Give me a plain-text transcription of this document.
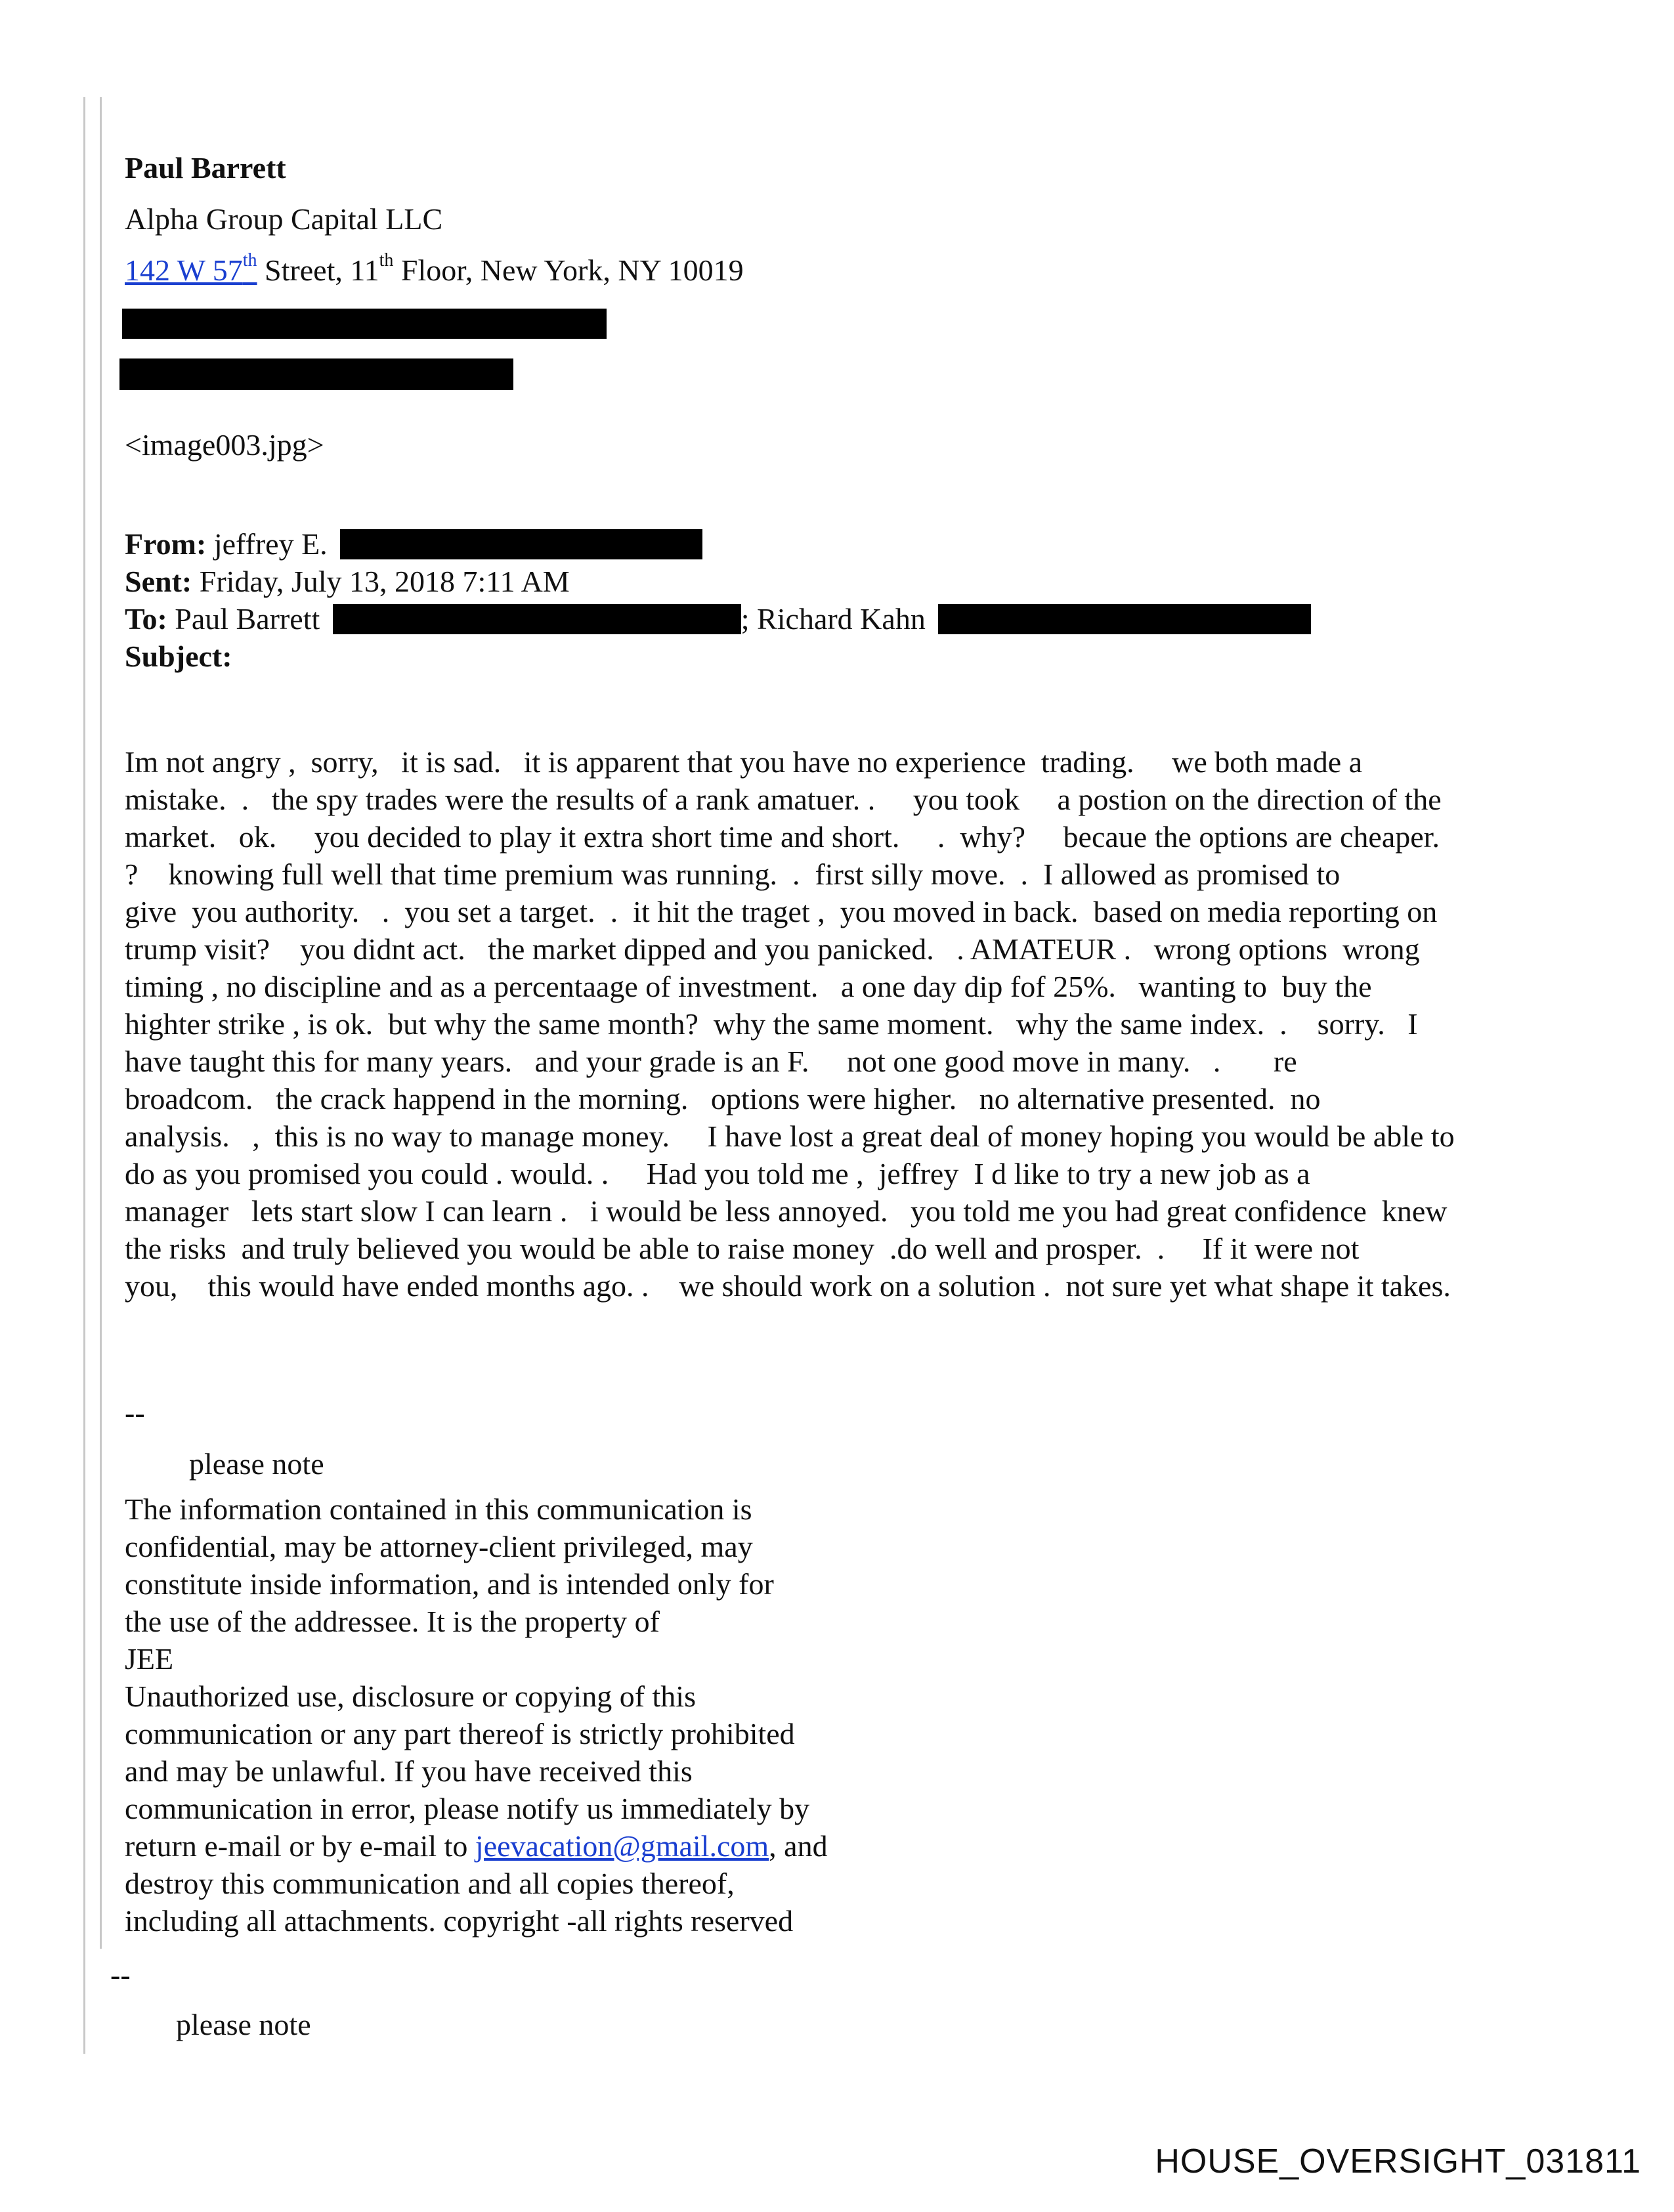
Paul Barrett
Alpha Group Capital LLC
142 W 57th Street, 11th Floor, New York, NY 10019
<image003.jpg>
From: jeffrey E.
Sent: Friday, July 13, 2018 7:11 AM
To: Paul Barrett	; Richard Kahn
Subject:
Im not angry ,  sorry,   it is sad.   it is apparent that you have no experience  trading.     we both made a
mistake.  .   the spy trades were the results of a rank amatuer. .     you took     a postion on the direction of the
market.   ok.     you decided to play it extra short time and short.     .  why?     becaue the options are cheaper.
?    knowing full well that time premium was running.  .  first silly move.  .  I allowed as promised to
give  you authority.   .  you set a target.  .  it hit the traget ,  you moved in back.  based on media reporting on
trump visit?    you didnt act.   the market dipped and you panicked.   . AMATEUR .   wrong options  wrong
timing , no discipline and as a percentaage of investment.   a one day dip fof 25%.   wanting to  buy the
highter strike , is ok.  but why the same month?  why the same moment.   why the same index.  .    sorry.   I
have taught this for many years.   and your grade is an F.     not one good move in many.   .       re
broadcom.   the crack happend in the morning.   options were higher.   no alternative presented.  no
analysis.   ,  this is no way to manage money.     I have lost a great deal of money hoping you would be able to
do as you promised you could . would. .     Had you told me ,  jeffrey  I d like to try a new job as a
manager   lets start slow I can learn .   i would be less annoyed.   you told me you had great confidence  knew
the risks  and truly believed you would be able to raise money  .do well and prosper.  .     If it were not
you,    this would have ended months ago. .    we should work on a solution .  not sure yet what shape it takes.
--
please note
The information contained in this communication is
confidential, may be attorney-client privileged, may
constitute inside information, and is intended only for
the use of the addressee. It is the property of
JEE
Unauthorized use, disclosure or copying of this
communication or any part thereof is strictly prohibited
and may be unlawful. If you have received this
communication in error, please notify us immediately by
return e-mail or by e-mail to jeevacation@gmail.com, and
destroy this communication and all copies thereof,
including all attachments. copyright -all rights reserved
--
please note
HOUSE_OVERSIGHT_031811
